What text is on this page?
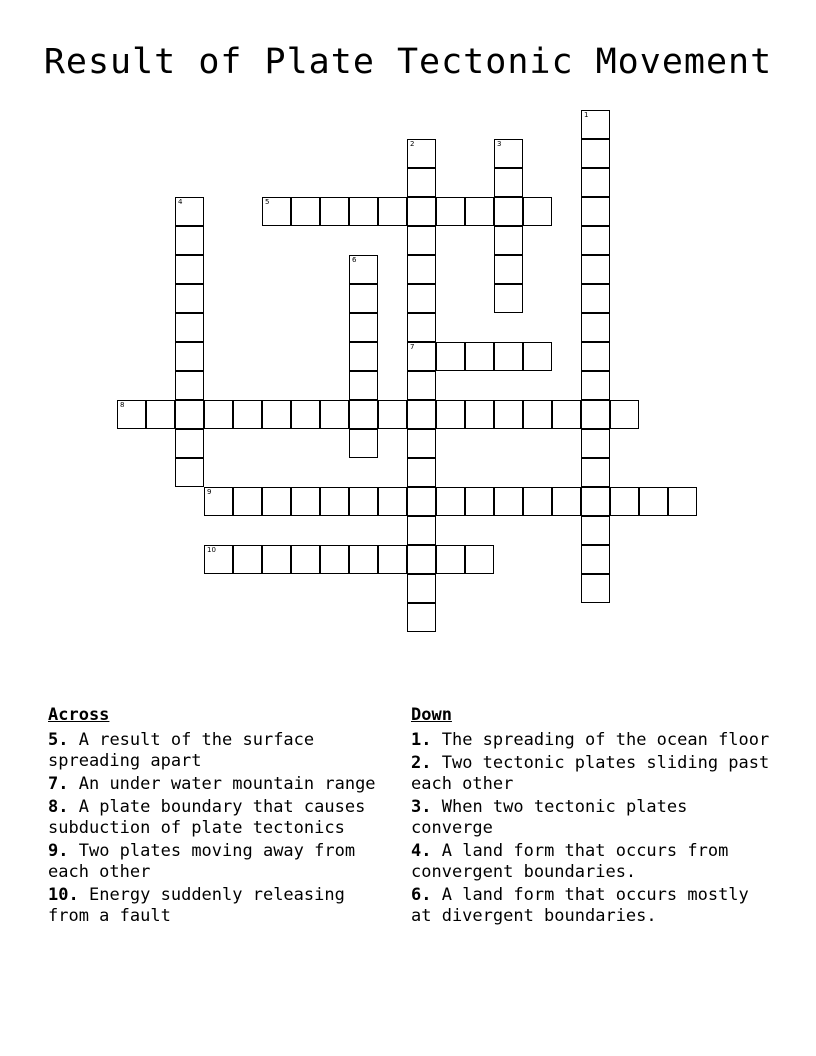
Result of Plate Tectonic Movement
1
2
7
3
4	5
6
8
9
10
Across
5. A result of the surface spreading apart
7. An under water mountain range
8. A plate boundary that causes subduction of plate tectonics
9. Two plates moving away from each other
10. Energy suddenly releasing from a fault
Down
1. The spreading of the ocean floor
2. Two tectonic plates sliding past each other
3. When two tectonic plates converge
4. A land form that occurs from convergent boundaries.
6. A land form that occurs mostly at divergent boundaries.
